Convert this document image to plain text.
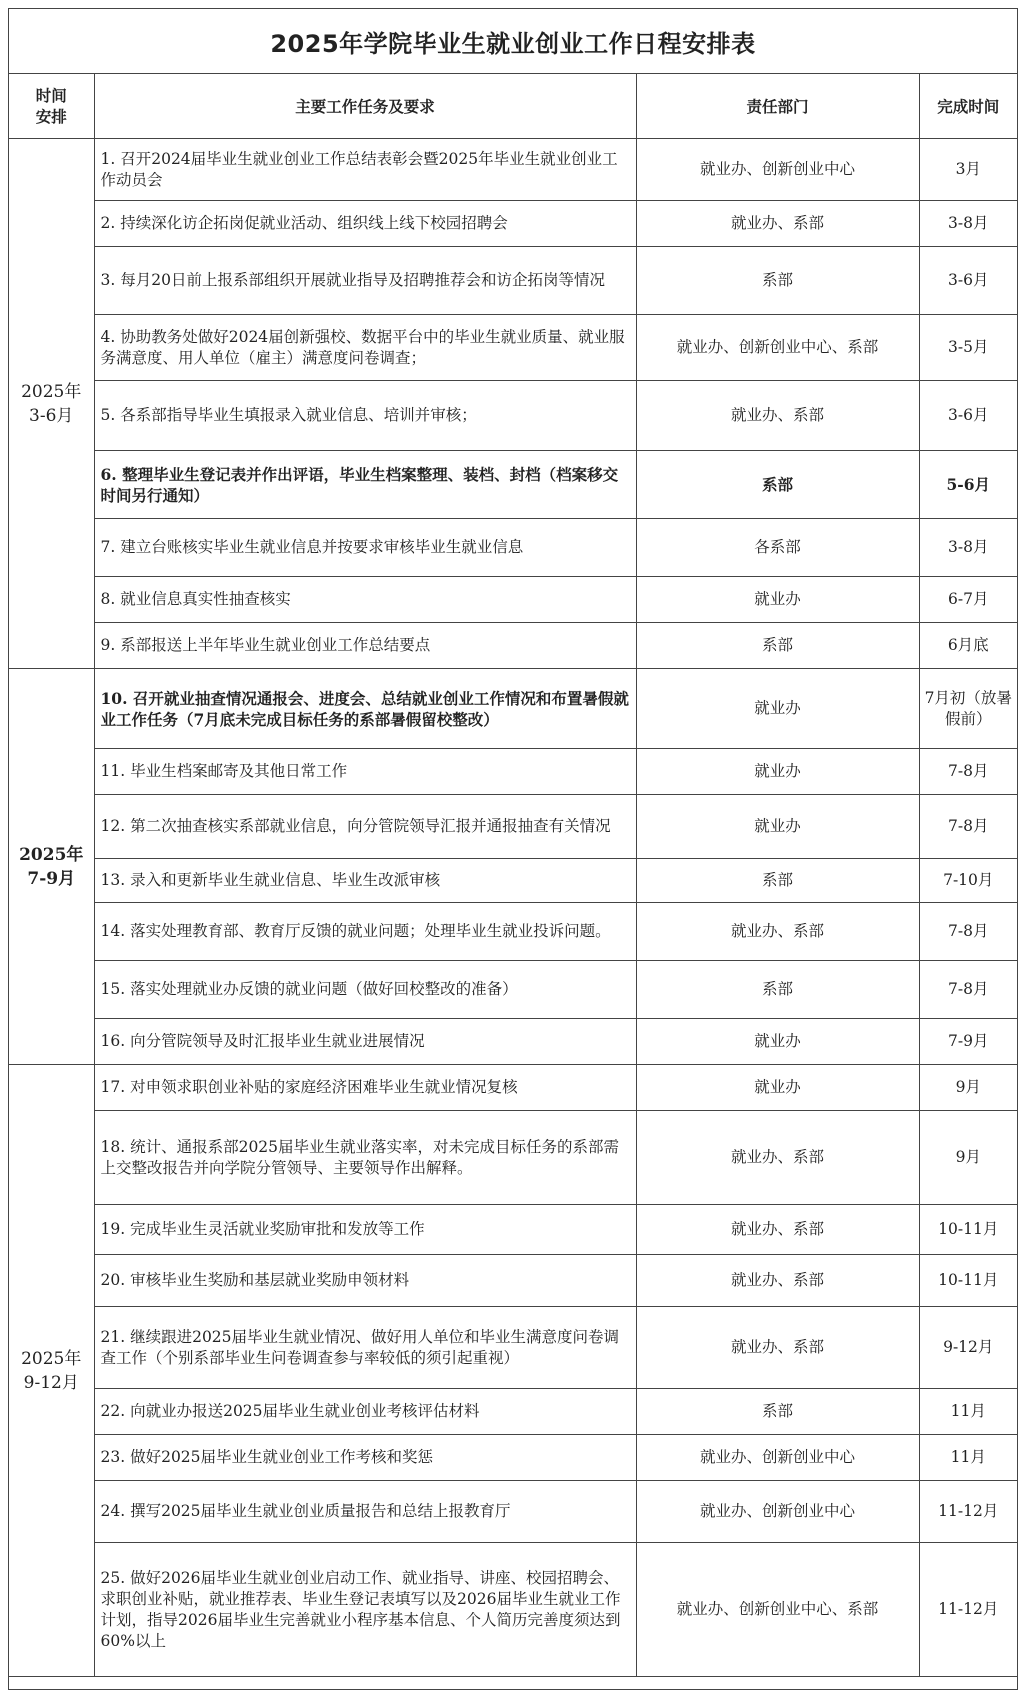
2025年学院毕业生就业创业工作日程安排表
时间
安排	主要工作任务及要求	责任部门	完成时间
2025年
3-6月	1. 召开2024届毕业生就业创业工作总结表彰会暨2025年毕业生就业创业工作动员会	就业办、创新创业中心	3月
	2. 持续深化访企拓岗促就业活动、组织线上线下校园招聘会	就业办、系部	3-8月
	3. 每月20日前上报系部组织开展就业指导及招聘推荐会和访企拓岗等情况	系部	3-6月
	4. 协助教务处做好2024届创新强校、数据平台中的毕业生就业质量、就业服务满意度、用人单位（雇主）满意度问卷调查；	就业办、创新创业中心、系部	3-5月
	5. 各系部指导毕业生填报录入就业信息、培训并审核；	就业办、系部	3-6月
	6. 整理毕业生登记表并作出评语，毕业生档案整理、装档、封档（档案移交时间另行通知）	系部	5-6月
	7. 建立台账核实毕业生就业信息并按要求审核毕业生就业信息	各系部	3-8月
	8. 就业信息真实性抽查核实	就业办	6-7月
	9. 系部报送上半年毕业生就业创业工作总结要点	系部	6月底
2025年
7-9月	10. 召开就业抽查情况通报会、进度会、总结就业创业工作情况和布置暑假就业工作任务（7月底未完成目标任务的系部暑假留校整改）	就业办	7月初（放暑假前）
	11. 毕业生档案邮寄及其他日常工作	就业办	7-8月
	12. 第二次抽查核实系部就业信息，向分管院领导汇报并通报抽查有关情况	就业办	7-8月
	13. 录入和更新毕业生就业信息、毕业生改派审核	系部	7-10月
	14. 落实处理教育部、教育厅反馈的就业问题；处理毕业生就业投诉问题。	就业办、系部	7-8月
	15. 落实处理就业办反馈的就业问题（做好回校整改的准备）	系部	7-8月
	16. 向分管院领导及时汇报毕业生就业进展情况	就业办	7-9月
2025年
9-12月	17. 对申领求职创业补贴的家庭经济困难毕业生就业情况复核	就业办	9月
	18. 统计、通报系部2025届毕业生就业落实率，对未完成目标任务的系部需上交整改报告并向学院分管领导、主要领导作出解释。	就业办、系部	9月
	19. 完成毕业生灵活就业奖励审批和发放等工作	就业办、系部	10-11月
	20. 审核毕业生奖励和基层就业奖励申领材料	就业办、系部	10-11月
	21. 继续跟进2025届毕业生就业情况、做好用人单位和毕业生满意度问卷调查工作（个别系部毕业生问卷调查参与率较低的须引起重视）	就业办、系部	9-12月
	22. 向就业办报送2025届毕业生就业创业考核评估材料	系部	11月
	23. 做好2025届毕业生就业创业工作考核和奖惩	就业办、创新创业中心	11月
	24. 撰写2025届毕业生就业创业质量报告和总结上报教育厅	就业办、创新创业中心	11-12月
	25. 做好2026届毕业生就业创业启动工作、就业指导、讲座、校园招聘会、求职创业补贴，就业推荐表、毕业生登记表填写以及2026届毕业生就业工作计划，指导2026届毕业生完善就业小程序基本信息、个人简历完善度须达到60%以上	就业办、创新创业中心、系部	11-12月
